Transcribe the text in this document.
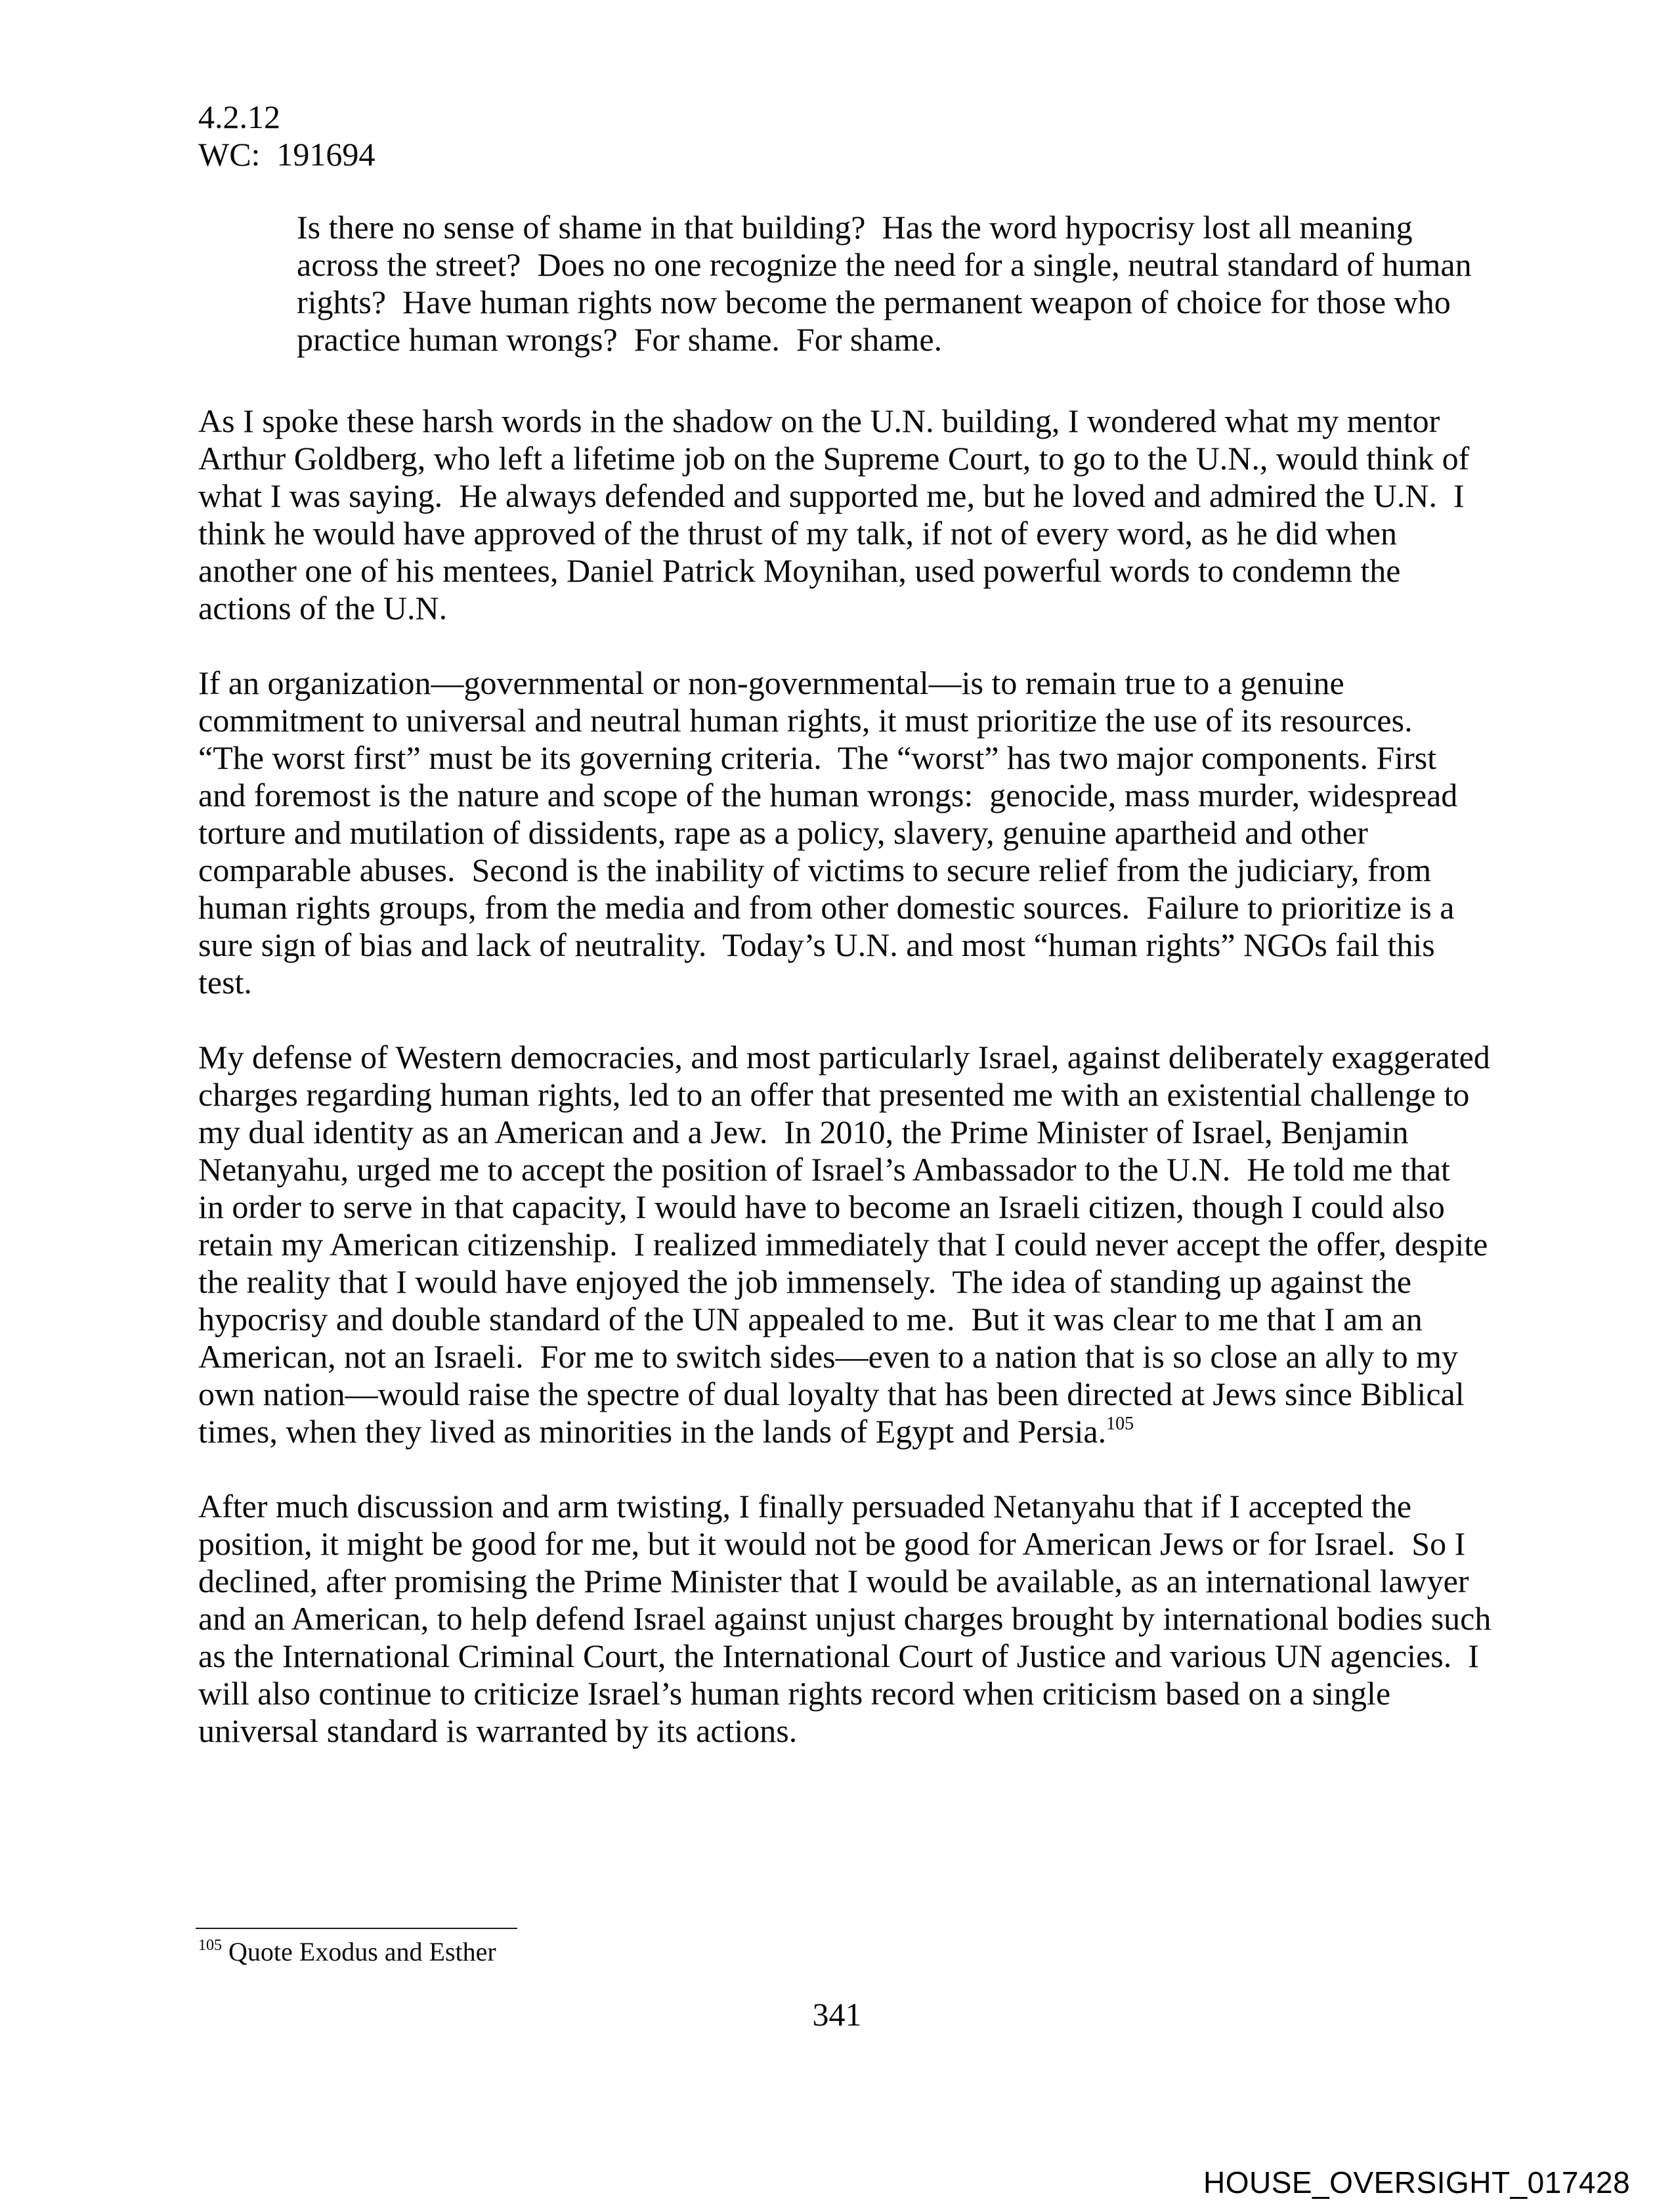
4.2.12
WC:  191694
Is there no sense of shame in that building?  Has the word hypocrisy lost all meaning
across the street?  Does no one recognize the need for a single, neutral standard of human
rights?  Have human rights now become the permanent weapon of choice for those who
practice human wrongs?  For shame.  For shame.
As I spoke these harsh words in the shadow on the U.N. building, I wondered what my mentor
Arthur Goldberg, who left a lifetime job on the Supreme Court, to go to the U.N., would think of
what I was saying.  He always defended and supported me, but he loved and admired the U.N.  I
think he would have approved of the thrust of my talk, if not of every word, as he did when
another one of his mentees, Daniel Patrick Moynihan, used powerful words to condemn the
actions of the U.N.
If an organization—governmental or non-governmental—is to remain true to a genuine
commitment to universal and neutral human rights, it must prioritize the use of its resources.
“The worst first” must be its governing criteria.  The “worst” has two major components. First
and foremost is the nature and scope of the human wrongs:  genocide, mass murder, widespread
torture and mutilation of dissidents, rape as a policy, slavery, genuine apartheid and other
comparable abuses.  Second is the inability of victims to secure relief from the judiciary, from
human rights groups, from the media and from other domestic sources.  Failure to prioritize is a
sure sign of bias and lack of neutrality.  Today’s U.N. and most “human rights” NGOs fail this
test.
My defense of Western democracies, and most particularly Israel, against deliberately exaggerated
charges regarding human rights, led to an offer that presented me with an existential challenge to
my dual identity as an American and a Jew.  In 2010, the Prime Minister of Israel, Benjamin
Netanyahu, urged me to accept the position of Israel’s Ambassador to the U.N.  He told me that
in order to serve in that capacity, I would have to become an Israeli citizen, though I could also
retain my American citizenship.  I realized immediately that I could never accept the offer, despite
the reality that I would have enjoyed the job immensely.  The idea of standing up against the
hypocrisy and double standard of the UN appealed to me.  But it was clear to me that I am an
American, not an Israeli.  For me to switch sides—even to a nation that is so close an ally to my
own nation—would raise the spectre of dual loyalty that has been directed at Jews since Biblical
times, when they lived as minorities in the lands of Egypt and Persia.$^{105}$
After much discussion and arm twisting, I finally persuaded Netanyahu that if I accepted the
position, it might be good for me, but it would not be good for American Jews or for Israel.  So I
declined, after promising the Prime Minister that I would be available, as an international lawyer
and an American, to help defend Israel against unjust charges brought by international bodies such
as the International Criminal Court, the International Court of Justice and various UN agencies.  I
will also continue to criticize Israel’s human rights record when criticism based on a single
universal standard is warranted by its actions.
$^{105}$ Quote Exodus and Esther
341
HOUSE_OVERSIGHT_017428
